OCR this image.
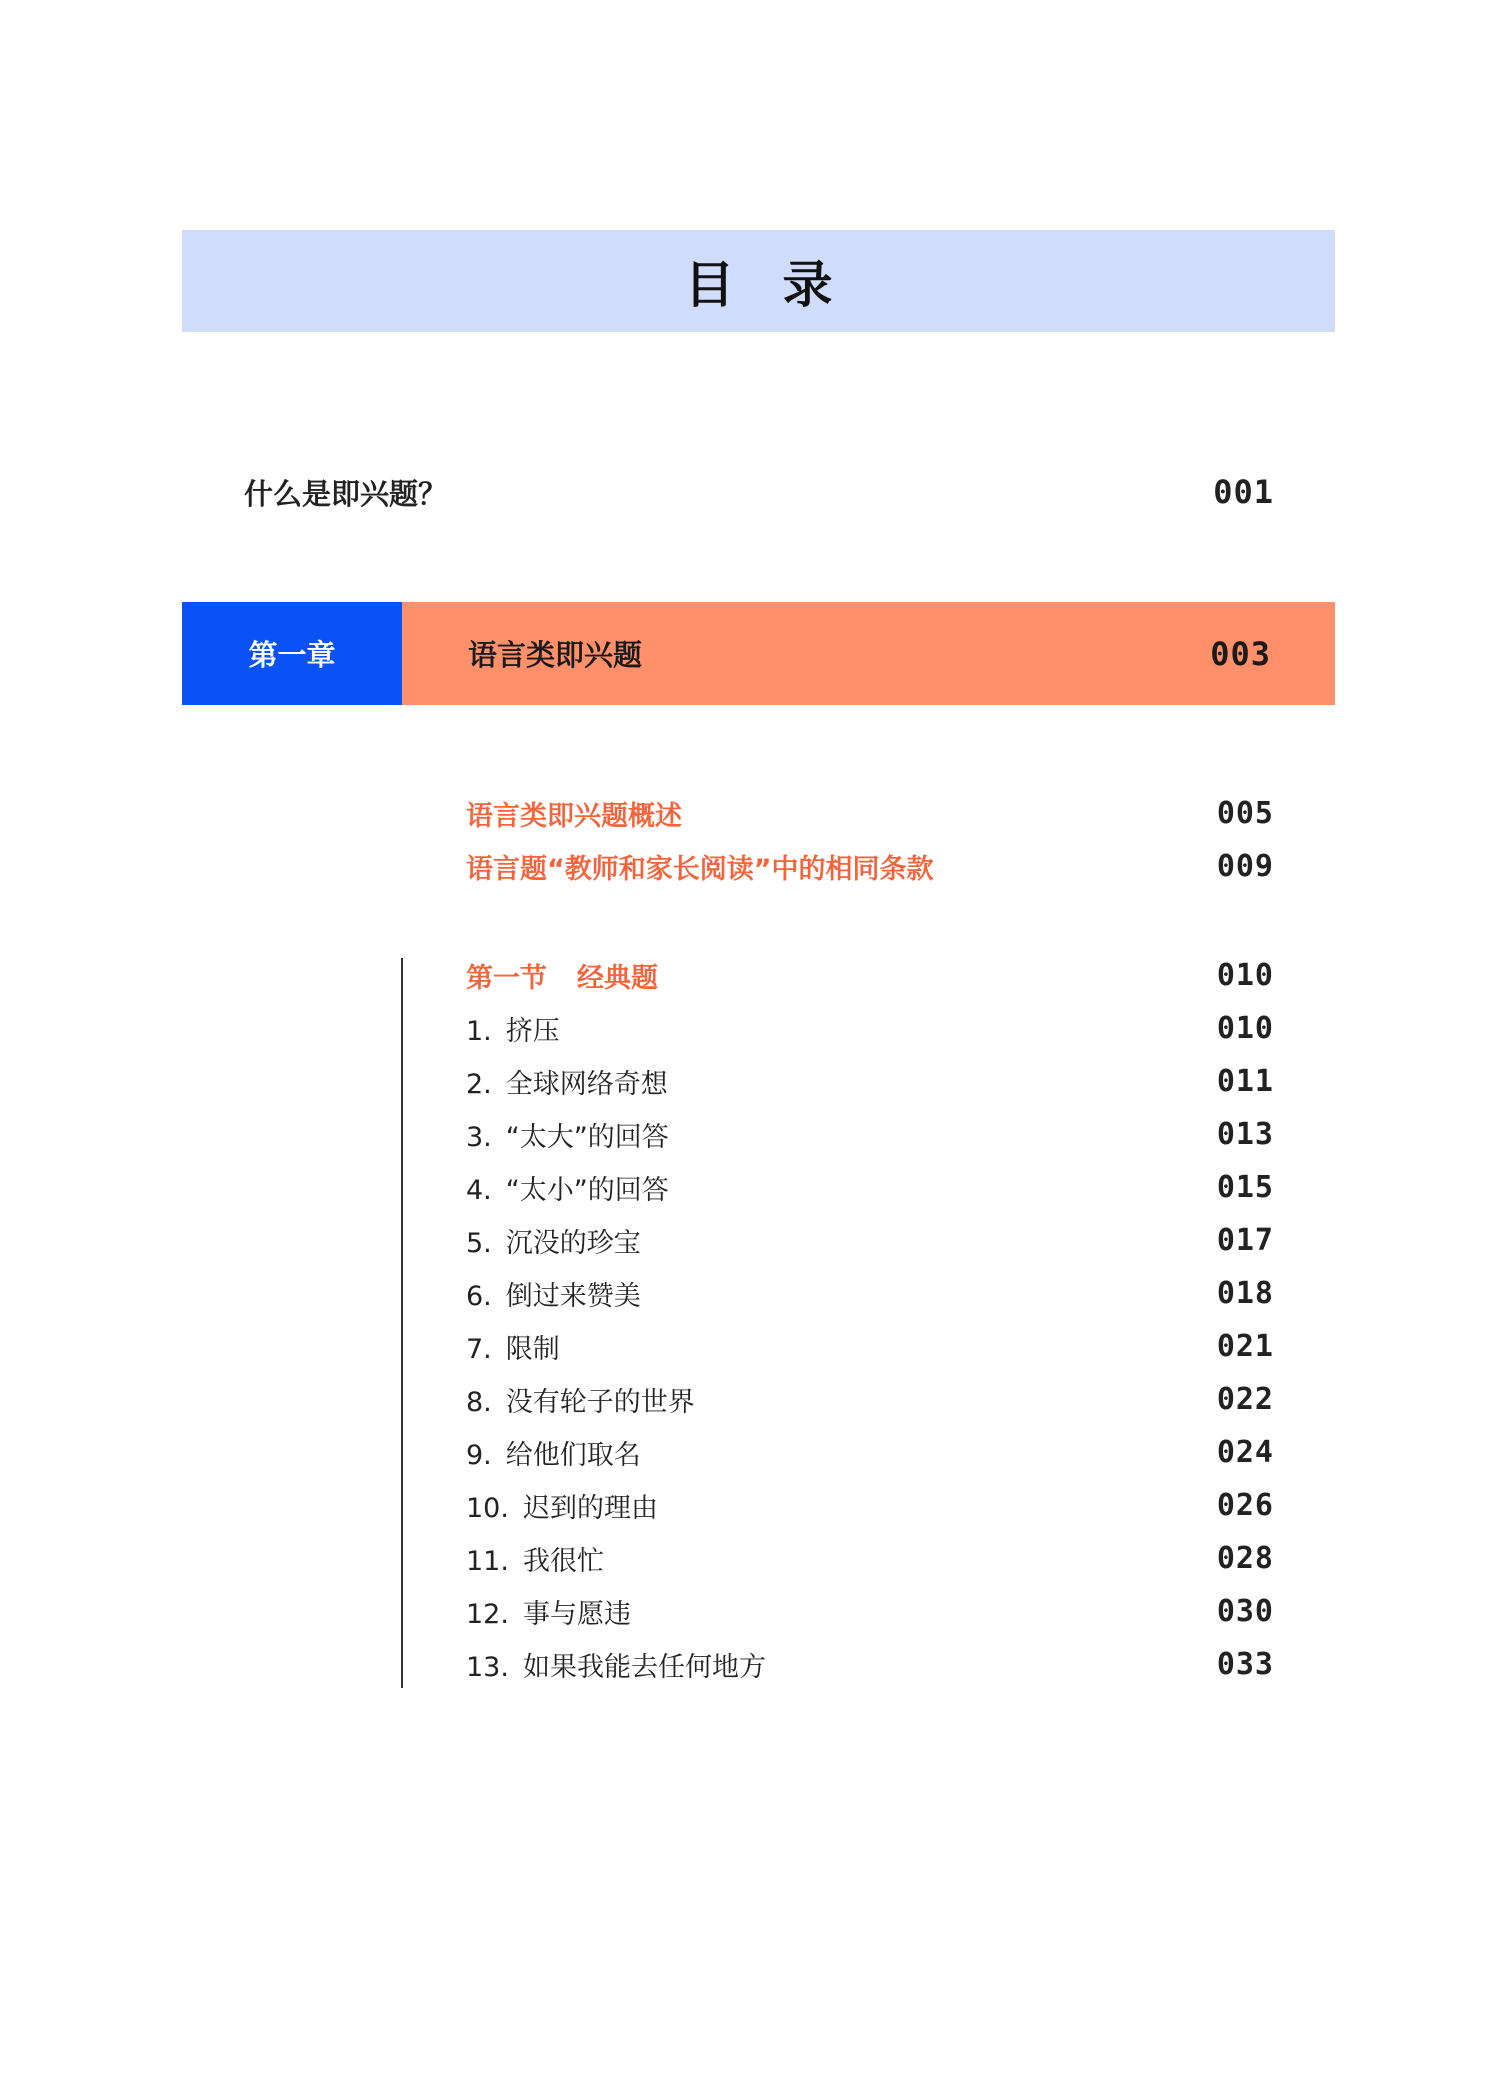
目录
什么是即兴题？	001
第一章	语言类即兴题	003
语言类即兴题概述	005
语言题“教师和家长阅读”中的相同条款	009
第一节 经典题	010
1. 挤压	010
2. 全球网络奇想	011
3. “太大”的回答	013
4. “太小”的回答	015
5. 沉没的珍宝	017
6. 倒过来赞美	018
7. 限制	021
8. 没有轮子的世界	022
9. 给他们取名	024
10. 迟到的理由	026
11. 我很忙	028
12. 事与愿违	030
13. 如果我能去任何地方	033
